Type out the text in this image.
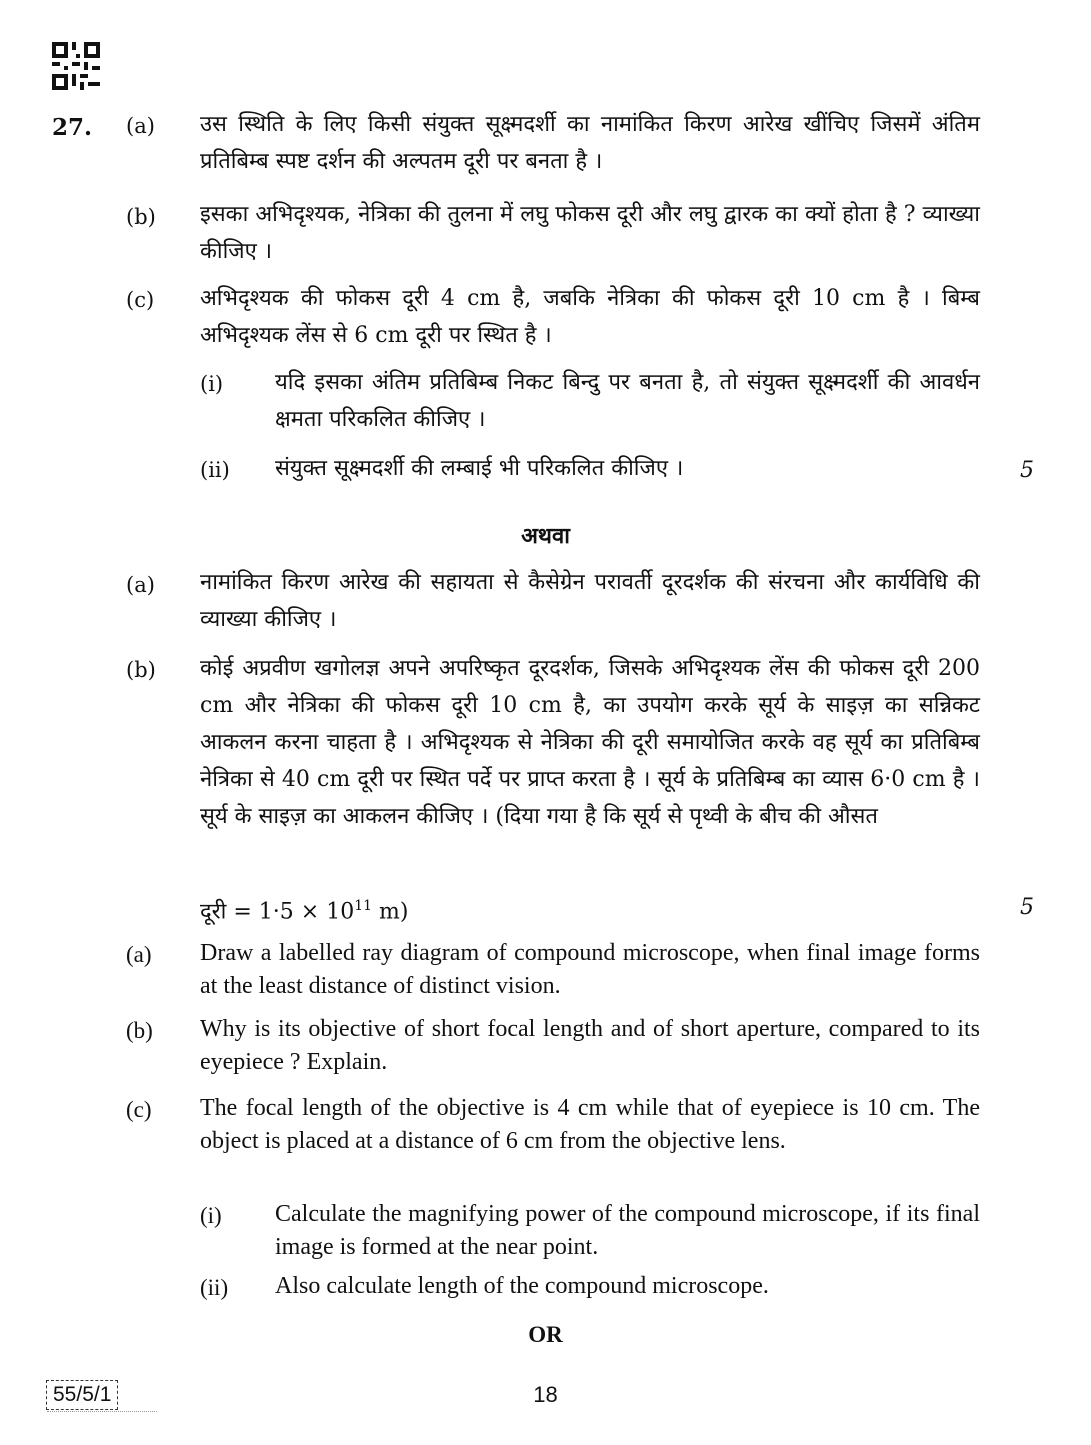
27. (a) उस स्थिति के लिए किसी संयुक्त सूक्ष्मदर्शी का नामांकित किरण आरेख खींचिए जिसमें अंतिम प्रतिबिम्ब स्पष्ट दर्शन की अल्पतम दूरी पर बनता है ।
(b) इसका अभिदृश्यक, नेत्रिका की तुलना में लघु फोकस दूरी और लघु द्वारक का क्यों होता है ? व्याख्या कीजिए ।
(c) अभिदृश्यक की फोकस दूरी 4 cm है, जबकि नेत्रिका की फोकस दूरी 10 cm है । बिम्ब अभिदृश्यक लेंस से 6 cm दूरी पर स्थित है ।
(i) यदि इसका अंतिम प्रतिबिम्ब निकट बिन्दु पर बनता है, तो संयुक्त सूक्ष्मदर्शी की आवर्धन क्षमता परिकलित कीजिए ।
(ii) संयुक्त सूक्ष्मदर्शी की लम्बाई भी परिकलित कीजिए ।	5
अथवा
(a) नामांकित किरण आरेख की सहायता से कैसेग्रेन परावर्ती दूरदर्शक की संरचना और कार्यविधि की व्याख्या कीजिए ।
(b) कोई अप्रवीण खगोलज्ञ अपने अपरिष्कृत दूरदर्शक, जिसके अभिदृश्यक लेंस की फोकस दूरी 200 cm और नेत्रिका की फोकस दूरी 10 cm है, का उपयोग करके सूर्य के साइज़ का सन्निकट आकलन करना चाहता है । अभिदृश्यक से नेत्रिका की दूरी समायोजित करके वह सूर्य का प्रतिबिम्ब नेत्रिका से 40 cm दूरी पर स्थित पर्दे पर प्राप्त करता है । सूर्य के प्रतिबिम्ब का व्यास 6·0 cm है । सूर्य के साइज़ का आकलन कीजिए । (दिया गया है कि सूर्य से पृथ्वी के बीच की औसत
दूरी = $1\cdot 5 \times 10^{11}$ m)	5
(a) Draw a labelled ray diagram of compound microscope, when final image forms at the least distance of distinct vision.
(b) Why is its objective of short focal length and of short aperture, compared to its eyepiece ? Explain.
(c) The focal length of the objective is 4 cm while that of eyepiece is 10 cm. The object is placed at a distance of 6 cm from the objective lens.
(i) Calculate the magnifying power of the compound microscope, if its final image is formed at the near point.
(ii) Also calculate length of the compound microscope.
OR
55/5/1	18
